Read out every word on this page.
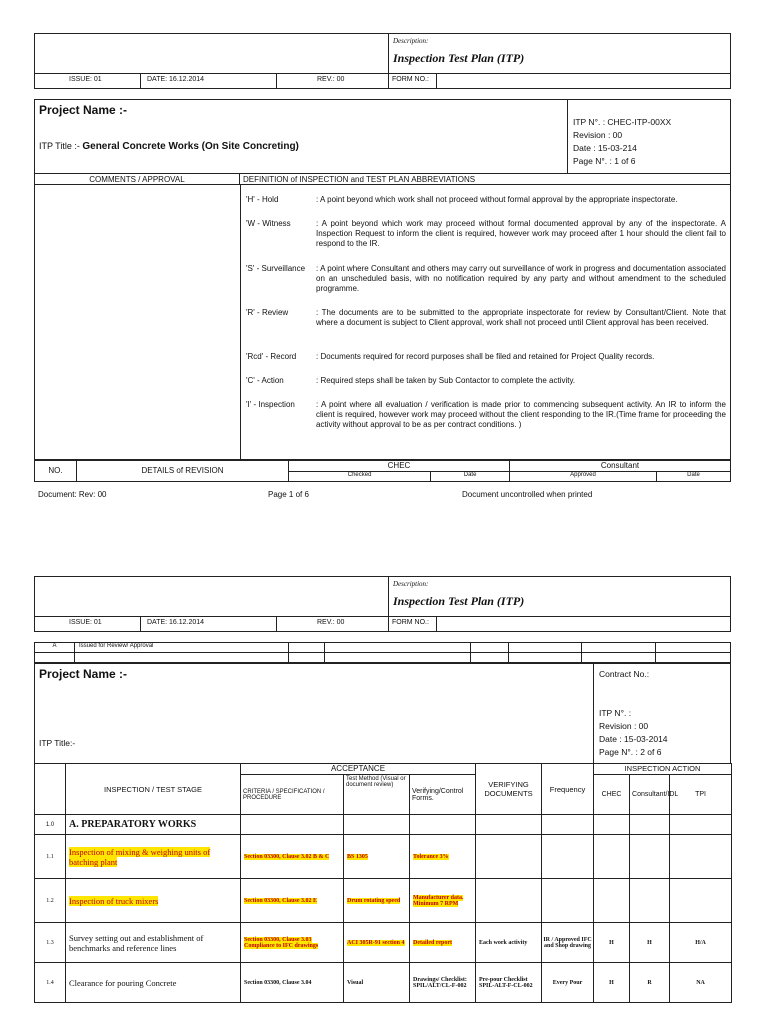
			Description:
Inspection Test Plan (ITP)	

ISSUE: 01	DATE: 16.12.2014	REV.: 00	FORM NO.:	
Project Name :-
ITP Title :- General Concrete Works (On Site Concreting)
ITP N°. : CHEC-ITP-00XX
Revision : 00
Date : 15-03-214
Page N°. : 1 of 6
COMMENTS / APPROVAL	DEFINITION of INSPECTION and TEST PLAN ABBREVIATIONS
'H' - Hold	: A point beyond which work shall not proceed without formal approval by the appropriate inspectorate.
'W - Witness	: A point beyond which work may proceed without formal documented approval by any of the inspectorate. A Inspection Request to inform the client is required, however work may proceed after 1 hour should the client fail to respond to the IR.
'S' - Surveillance	: A point where Consultant and others may carry out surveillance of work in progress and documentation associated on an unscheduled basis, with no notification required by any party and without amendment to the scheduled programme.
'R' - Review	: The documents are to be submitted to the appropriate inspectorate for review by Consultant/Client. Note that where a document is subject to Client approval, work shall not proceed until Client approval has been received.
'Rcd' - Record	: Documents required for record purposes shall be filed and retained for Project Quality records.
'C' - Action	: Required steps shall be taken by Sub Contactor to complete the activity.
'I' - Inspection	: A point where all evaluation / verification is made prior to commencing subsequent activity. An IR to inform the client is required, however work may proceed without the client responding to the IR.(Time frame for proceeding the activity without approval to be as per contract conditions. )
NO.	DETAILS of REVISION	CHEC		Consultant	
		Checked	Date	Approved	Date
Document: Rev: 00	Page 1 of 6	Document uncontrolled when printed

			Description:
Inspection Test Plan (ITP)	

ISSUE: 01	DATE: 16.12.2014	REV.: 00	FORM NO.:	
A	Issued for Review/ Approval						

Project Name :-
ITP Title:-
Contract No.:
ITP N°. :
Revision : 00
Date : 15-03-2014
Page N°. : 2 of 6
	INSPECTION / TEST STAGE	ACCEPTANCE			VERIFYING DOCUMENTS	Frequency	INSPECTION ACTION		
		CRITERIA / SPECIFICATION / PROCEDURE	Test Method (Visual or document review)	Verifying/Control Forms.			CHEC	Consultant/IDL	TPI
1.0	A. PREPARATORY WORKS								
1.1	Inspection of mixing & weighing units of batching plant	Section 03300, Clause 3.02 B & C	BS 1305	Tolerance 3%					
1.2	Inspection of truck mixers	Section 03300, Clause 3.02 E	Drum rotating speed	Manufacturer data. Minimum 7 RPM					
1.3	Survey setting out and establishment of benchmarks and reference lines	Section 03300, Clause 3.03 Compliance to IFC drawings	ACI 305R-91 section 4	Detailed report	Each work activity	IR / Approved IFC and Shop drawing	H	H	H/A
1.4	Clearance for pouring Concrete	Section 03300, Clause 3.04	Visual	Drawings/ Checklist: SPIL/ALT/CL-F-002	Pre-pour Checklist SPIL-ALT-F-CL-002	Every Pour	H	R	NA
